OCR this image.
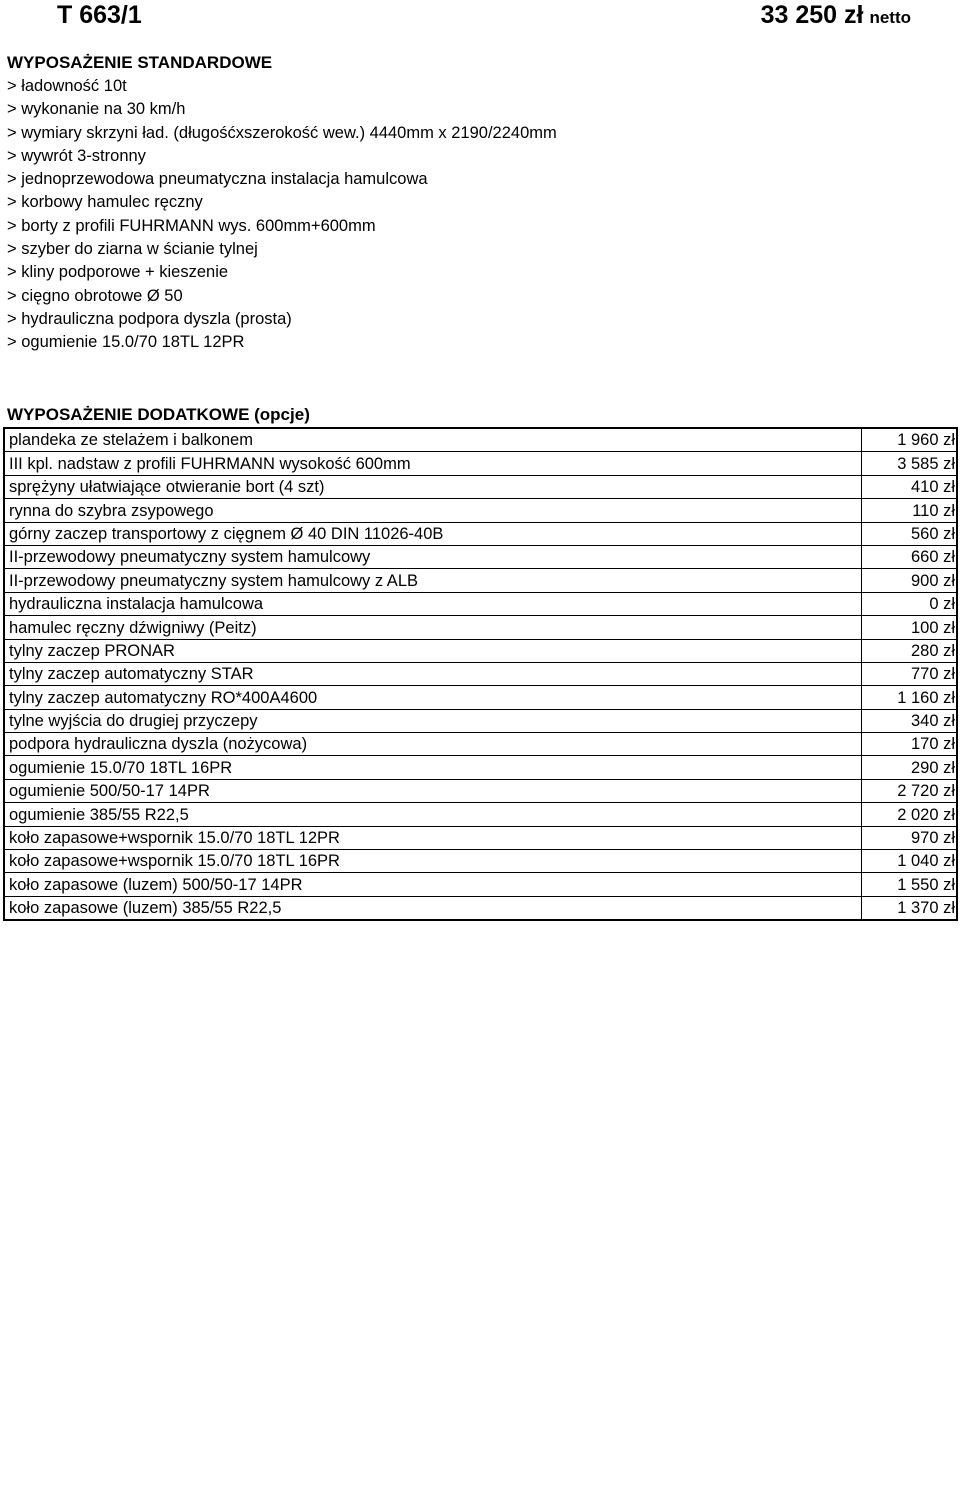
T 663/1	33 250 zł netto
WYPOSAŻENIE STANDARDOWE
> ładowność 10t
> wykonanie na 30 km/h
> wymiary skrzyni ład. (długośćxszerokość wew.) 4440mm x 2190/2240mm
> wywrót 3-stronny
> jednoprzewodowa pneumatyczna instalacja hamulcowa
> korbowy hamulec ręczny
> borty z profili FUHRMANN wys. 600mm+600mm
> szyber do ziarna w ścianie tylnej
> kliny podporowe + kieszenie
> cięgno obrotowe Ø 50
> hydrauliczna podpora dyszla (prosta)
> ogumienie 15.0/70 18TL 12PR
WYPOSAŻENIE DODATKOWE (opcje)
plandeka ze stelażem i balkonem	1 960 zł
III kpl. nadstaw z profili FUHRMANN wysokość 600mm	3 585 zł
sprężyny ułatwiające otwieranie bort (4 szt)	410 zł
rynna do szybra zsypowego	110 zł
górny zaczep transportowy z cięgnem Ø 40 DIN 11026-40B	560 zł
II-przewodowy pneumatyczny system hamulcowy	660 zł
II-przewodowy pneumatyczny system hamulcowy z ALB	900 zł
hydrauliczna instalacja hamulcowa	0 zł
hamulec ręczny dźwigniwy (Peitz)	100 zł
tylny zaczep PRONAR	280 zł
tylny zaczep automatyczny STAR	770 zł
tylny zaczep automatyczny RO*400A4600	1 160 zł
tylne wyjścia do drugiej przyczepy	340 zł
podpora hydrauliczna dyszla (nożycowa)	170 zł
ogumienie 15.0/70 18TL 16PR	290 zł
ogumienie 500/50-17 14PR	2 720 zł
ogumienie 385/55 R22,5	2 020 zł
koło zapasowe+wspornik 15.0/70 18TL 12PR	970 zł
koło zapasowe+wspornik 15.0/70 18TL 16PR	1 040 zł
koło zapasowe (luzem) 500/50-17 14PR	1 550 zł
koło zapasowe (luzem) 385/55 R22,5	1 370 zł
